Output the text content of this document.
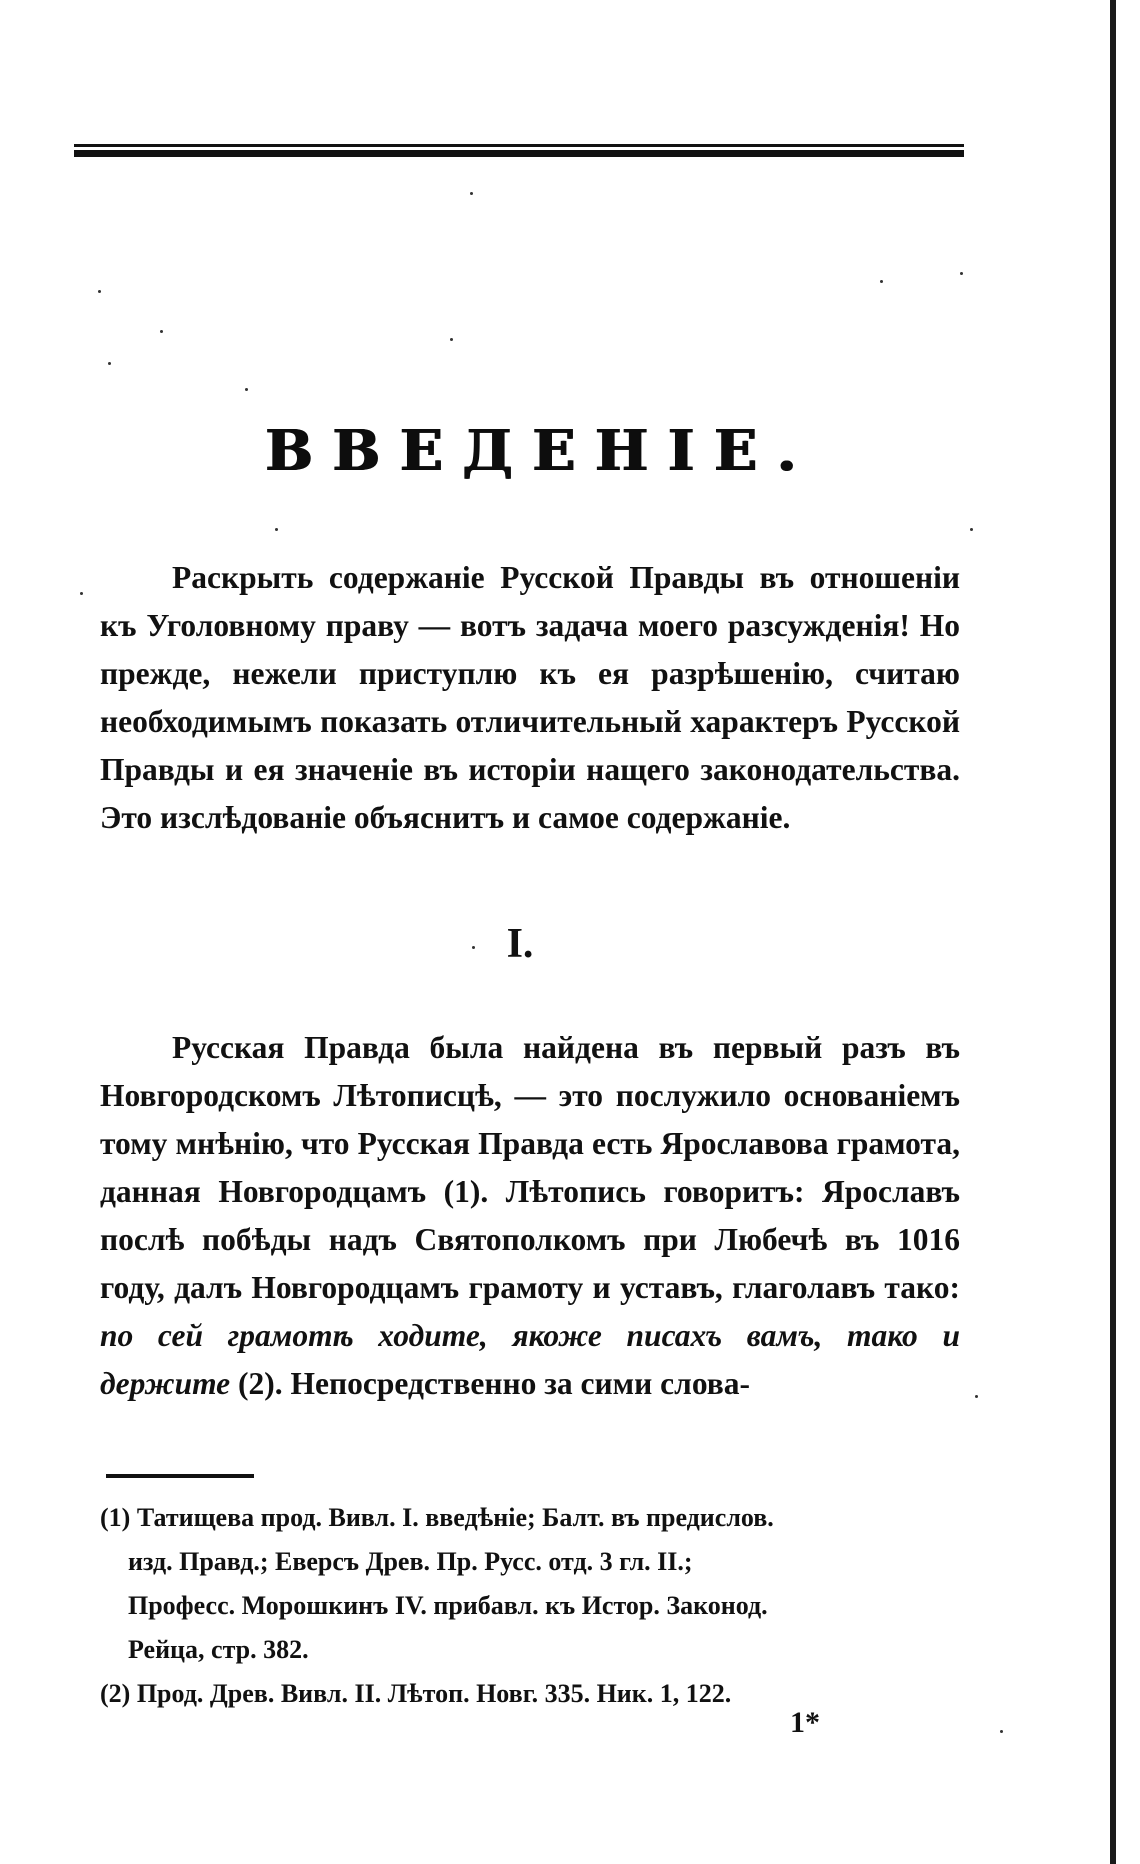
ВВЕДЕНІЕ.
Раскрыть содержаніе Русской Правды въ отношеніи къ Уголовному праву — вотъ задача моего разсужденія! Но прежде, нежели приступлю къ ея разрѣшенію, считаю необходимымъ показать отличительный характеръ Русской Правды и ея значеніе въ исторіи нащего законодательства. Это изслѣдованіе объяснитъ и самое содержаніе.
I.
Русская Правда была найдена въ первый разъ въ Новгородскомъ Лѣтописцѣ, — это послужило основаніемъ тому мнѣнію, что Русская Правда есть Ярославова грамота, данная Новгородцамъ (1). Лѣтопись говоритъ: Ярославъ послѣ побѣды надъ Святополкомъ при Любечѣ въ 1016 году, далъ Новгородцамъ грамоту и уставъ, глаголавъ тако: по сей грамотѣ ходите, якоже писахъ вамъ, тако и держите (2). Непосредственно за сими слова-
(1) Татищева прод. Вивл. I. введѣніе; Балт. въ предислов.
изд. Правд.; Еверсъ Древ. Пр. Русс. отд. 3 гл. II.;
Професс. Морошкинъ IV. прибавл. къ Истор. Законод.
Рейца, стр. 382.
(2) Прод. Древ. Вивл. II. Лѣтоп. Новг. 335. Ник. 1, 122.
1*
